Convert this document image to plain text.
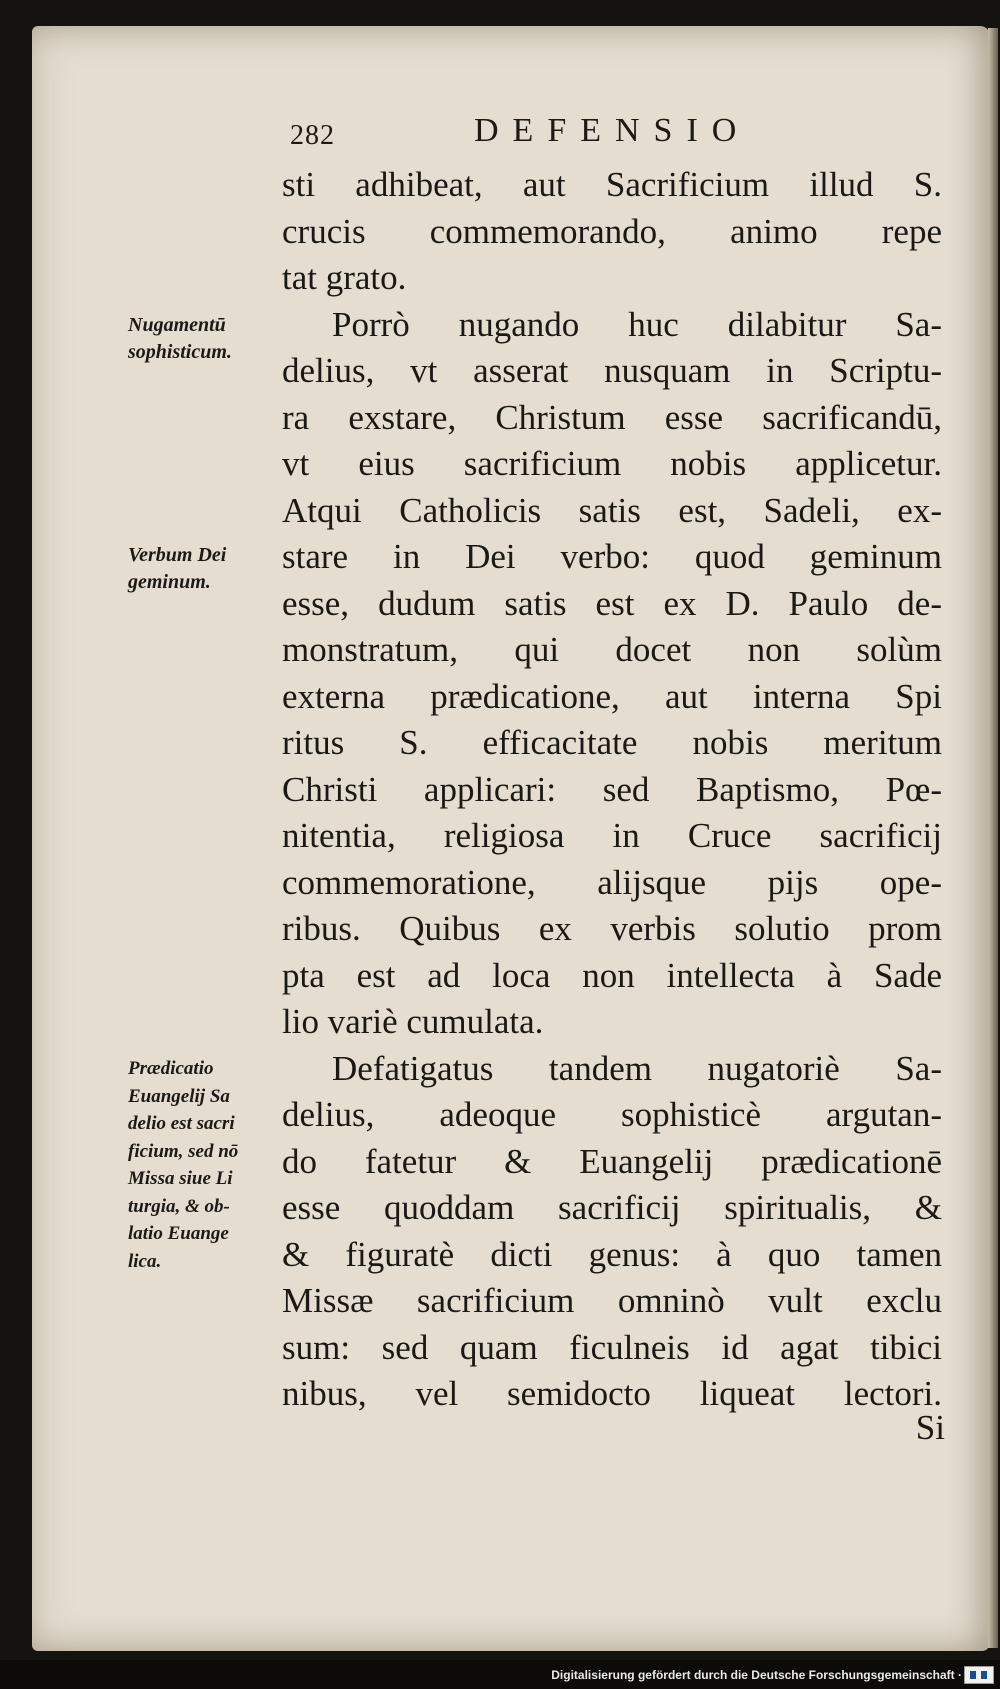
282	DEFENSIO
sti adhibeat, aut Sacrificium illud S.
crucis commemorando, animo repe
tat grato.
Porrò nugando huc dilabitur Sa-
delius, vt asserat nusquam in Scriptu-
ra exstare, Christum esse sacrificandū,
vt eius sacrificium nobis applicetur.
Atqui Catholicis satis est, Sadeli, ex-
stare in Dei verbo: quod geminum
esse, dudum satis est ex D. Paulo de-
monstratum, qui docet non solùm
externa prædicatione, aut interna Spi
ritus S. efficacitate nobis meritum
Christi applicari: sed Baptismo, Pœ-
nitentia, religiosa in Cruce sacrificij
commemoratione, alijsque pijs ope-
ribus. Quibus ex verbis solutio prom
pta est ad loca non intellecta à Sade
lio variè cumulata.
Defatigatus tandem nugatoriè Sa-
delius, adeoque sophisticè argutan-
do fatetur & Euangelij prædicationē
esse quoddam sacrificij spiritualis, &
& figuratè dicti genus: à quo tamen
Missæ sacrificium omninò vult exclu
sum: sed quam ficulneis id agat tibici
nibus, vel semidocto liqueat lectori.
Si
Nugamentū
sophisticum.
Verbum Dei
geminum.
Prædicatio
Euangelij Sa
delio est sacri
ficium, sed nō
Missa siue Li
turgia, & ob-
latio Euange
lica.
Digitalisierung gefördert durch die Deutsche Forschungsgemeinschaft ·
